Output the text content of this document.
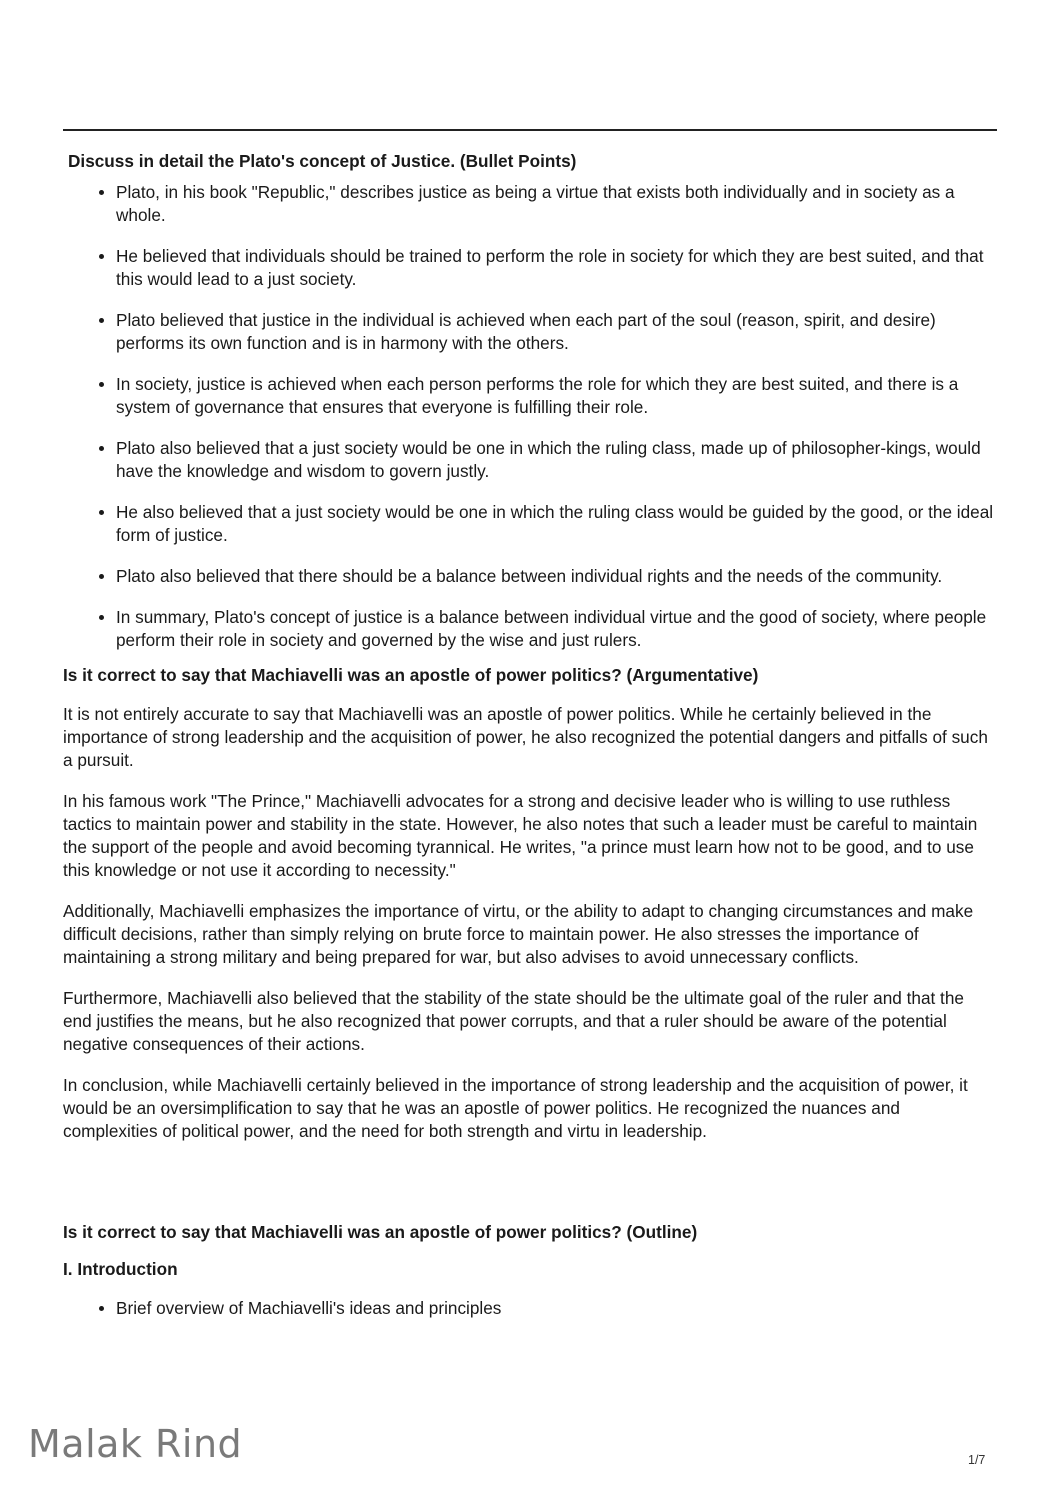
Discuss in detail the Plato's concept of Justice. (Bullet Points)
Plato, in his book "Republic," describes justice as being a virtue that exists both individually and in society as a whole.
He believed that individuals should be trained to perform the role in society for which they are best suited, and that this would lead to a just society.
Plato believed that justice in the individual is achieved when each part of the soul (reason, spirit, and desire) performs its own function and is in harmony with the others.
In society, justice is achieved when each person performs the role for which they are best suited, and there is a system of governance that ensures that everyone is fulfilling their role.
Plato also believed that a just society would be one in which the ruling class, made up of philosopher-kings, would have the knowledge and wisdom to govern justly.
He also believed that a just society would be one in which the ruling class would be guided by the good, or the ideal form of justice.
Plato also believed that there should be a balance between individual rights and the needs of the community.
In summary, Plato's concept of justice is a balance between individual virtue and the good of society, where people perform their role in society and governed by the wise and just rulers.
Is it correct to say that Machiavelli was an apostle of power politics? (Argumentative)

It is not entirely accurate to say that Machiavelli was an apostle of power politics. While he certainly believed in the importance of strong leadership and the acquisition of power, he also recognized the potential dangers and pitfalls of such a pursuit.

In his famous work "The Prince," Machiavelli advocates for a strong and decisive leader who is willing to use ruthless tactics to maintain power and stability in the state. However, he also notes that such a leader must be careful to maintain the support of the people and avoid becoming tyrannical. He writes, "a prince must learn how not to be good, and to use this knowledge or not use it according to necessity."

Additionally, Machiavelli emphasizes the importance of virtu, or the ability to adapt to changing circumstances and make difficult decisions, rather than simply relying on brute force to maintain power. He also stresses the importance of maintaining a strong military and being prepared for war, but also advises to avoid unnecessary conflicts.

Furthermore, Machiavelli also believed that the stability of the state should be the ultimate goal of the ruler and that the end justifies the means, but he also recognized that power corrupts, and that a ruler should be aware of the potential negative consequences of their actions.

In conclusion, while Machiavelli certainly believed in the importance of strong leadership and the acquisition of power, it would be an oversimplification to say that he was an apostle of power politics. He recognized the nuances and complexities of political power, and the need for both strength and virtu in leadership.

Is it correct to say that Machiavelli was an apostle of power politics? (Outline)
I. Introduction
Brief overview of Machiavelli's ideas and principles
Malak Rind	1/7
